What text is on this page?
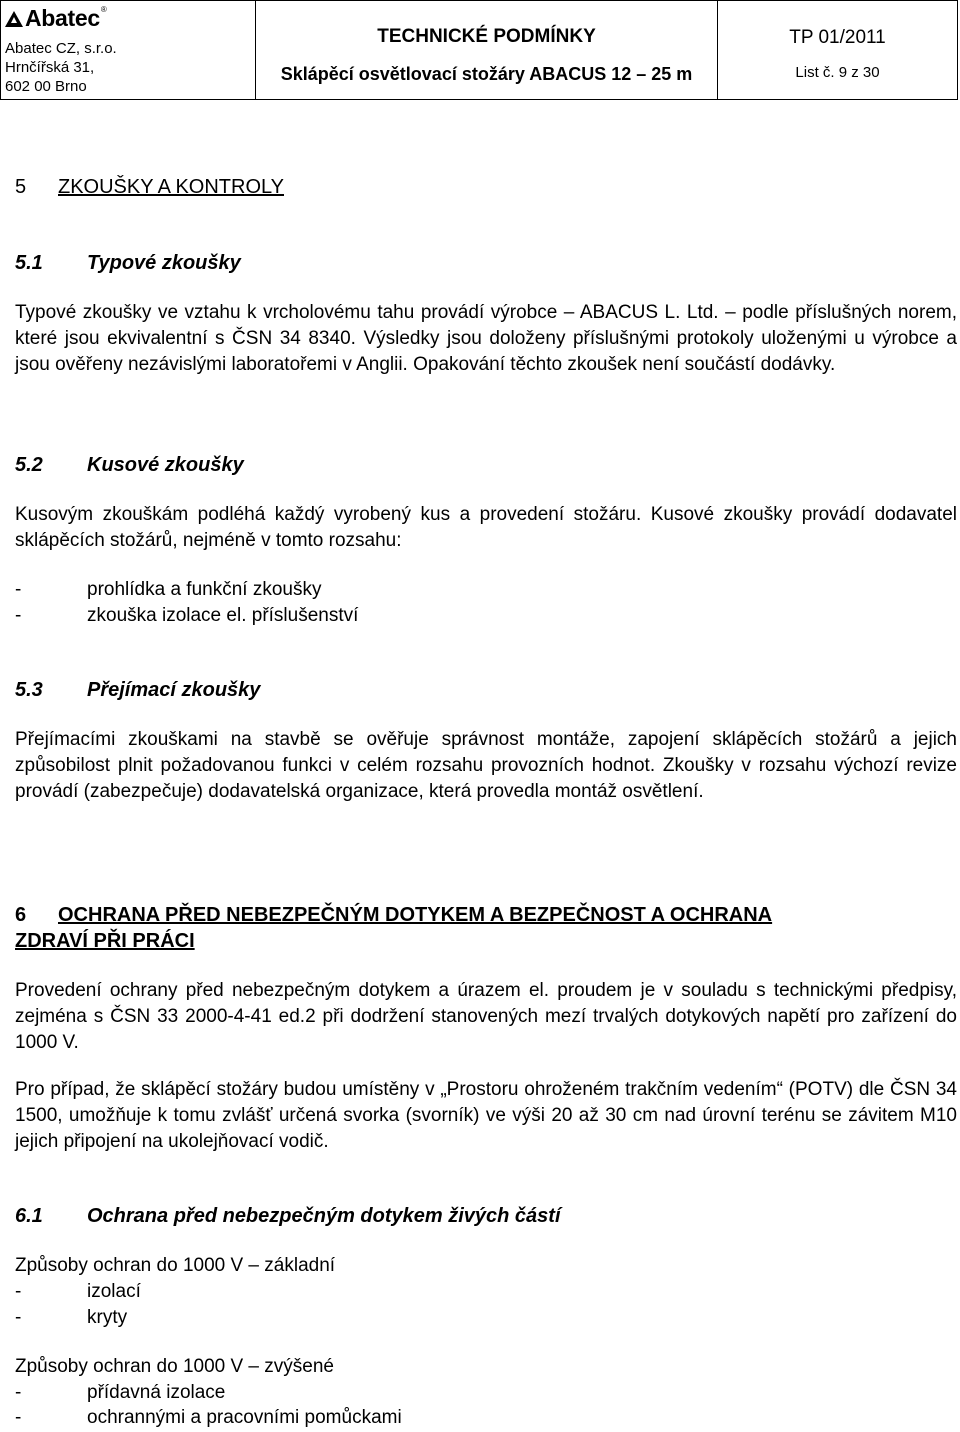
Abatec ®
Abatec CZ, s.r.o.
Hrnčířská 31,
602 00 Brno
TECHNICKÉ PODMÍNKY
Sklápěcí osvětlovací stožáry ABACUS 12 – 25 m
TP 01/2011
List č. 9 z 30
5 ZKOUŠKY A KONTROLY
5.1 Typové zkoušky

Typové zkoušky ve vztahu k vrcholovému tahu provádí výrobce – ABACUS L. Ltd. – podle příslušných norem, které jsou ekvivalentní s ČSN 34 8340. Výsledky jsou doloženy příslušnými protokoly uloženými u výrobce a jsou ověřeny nezávislými laboratořemi v Anglii. Opakování těchto zkoušek není součástí dodávky.

5.2 Kusové zkoušky

Kusovým zkouškám podléhá každý vyrobený kus a provedení stožáru. Kusové zkoušky provádí dodavatel sklápěcích stožárů, nejméně v tomto rozsahu:

-	prohlídka a funkční zkoušky
-	zkouška izolace el. příslušenství
5.3 Přejímací zkoušky

Přejímacími zkouškami na stavbě se ověřuje správnost montáže, zapojení sklápěcích stožárů a jejich způsobilost plnit požadovanou funkci v celém rozsahu provozních hodnot. Zkoušky v rozsahu výchozí revize provádí (zabezpečuje) dodavatelská organizace, která provedla montáž osvětlení.

6 OCHRANA PŘED NEBEZPEČNÝM DOTYKEM A BEZPEČNOST A OCHRANA
ZDRAVÍ PŘI PRÁCI

Provedení ochrany před nebezpečným dotykem a úrazem el. proudem je v souladu s technickými předpisy, zejména s ČSN 33 2000-4-41 ed.2 při dodržení stanovených mezí trvalých dotykových napětí pro zařízení do 1000 V.

Pro případ, že sklápěcí stožáry budou umístěny v „Prostoru ohroženém trakčním vedením“ (POTV) dle ČSN 34 1500, umožňuje k tomu zvlášť určená svorka (svorník) ve výši 20 až 30 cm nad úrovní terénu se závitem M10 jejich připojení na ukolejňovací vodič.

6.1 Ochrana před nebezpečným dotykem živých částí
Způsoby ochran do 1000 V – základní
-	izolací
-	kryty
Způsoby ochran do 1000 V – zvýšené
-	přídavná izolace
-	ochrannými a pracovními pomůckami
